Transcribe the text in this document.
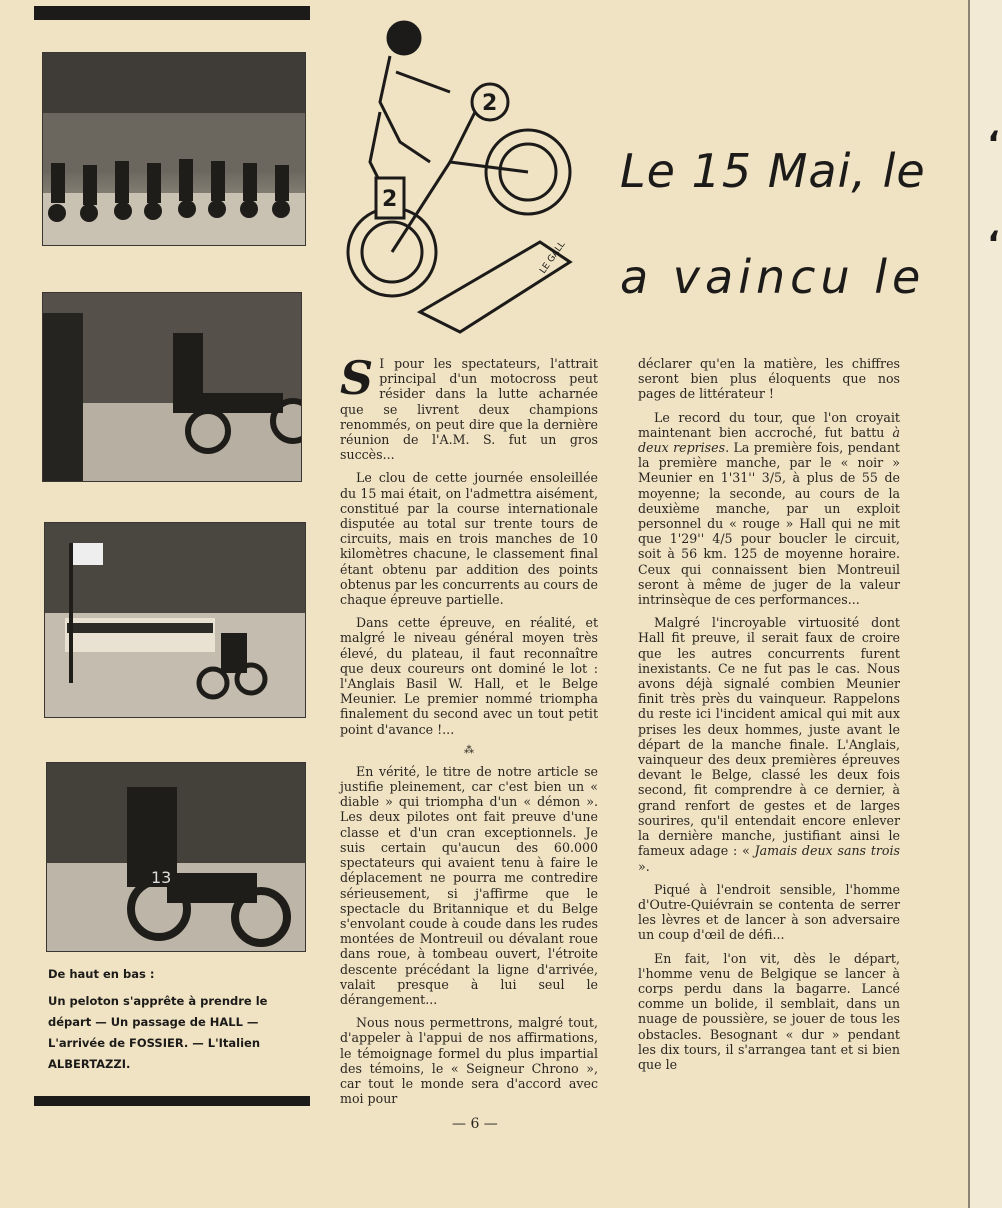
13
De haut en bas :
Un peloton s'apprête à prendre le départ — Un passage de HALL — L'arrivée de FOSSIER. — L'Italien ALBERTAZZI.
2
2
LE GALL
Le 15 Mai, le
a vaincu le

S I pour les spectateurs, l'attrait principal d'un motocross peut résider dans la lutte acharnée que se livrent deux champions renommés, on peut dire que la dernière réunion de l'A.M. S. fut un gros succès...

Le clou de cette journée ensoleillée du 15 mai était, on l'admettra aisément, constitué par la course internationale disputée au total sur trente tours de circuits, mais en trois manches de 10 kilomètres chacune, le classement final étant obtenu par addition des points obtenus par les concurrents au cours de chaque épreuve partielle.

Dans cette épreuve, en réalité, et malgré le niveau général moyen très élevé, du plateau, il faut reconnaître que deux coureurs ont dominé le lot : l'Anglais Basil W. Hall, et le Belge Meunier. Le premier nommé triompha finalement du second avec un tout petit point d'avance !...

⁂

En vérité, le titre de notre article se justifie pleinement, car c'est bien un « diable » qui triompha d'un « démon ». Les deux pilotes ont fait preuve d'une classe et d'un cran exceptionnels. Je suis certain qu'aucun des 60.000 spectateurs qui avaient tenu à faire le déplacement ne pourra me contredire sérieusement, si j'affirme que le spectacle du Britannique et du Belge s'envolant coude à coude dans les rudes montées de Montreuil ou dévalant roue dans roue, à tombeau ouvert, l'étroite descente précédant la ligne d'arrivée, valait presque à lui seul le dérangement...

Nous nous permettrons, malgré tout, d'appeler à l'appui de nos affirmations, le témoignage formel du plus impartial des témoins, le « Seigneur Chrono », car tout le monde sera d'accord avec moi pour

déclarer qu'en la matière, les chiffres seront bien plus éloquents que nos pages de littérateur !

Le record du tour, que l'on croyait maintenant bien accroché, fut battu à deux reprises. La première fois, pendant la première manche, par le « noir » Meunier en 1'31'' 3/5, à plus de 55 de moyenne; la seconde, au cours de la deuxième manche, par un exploit personnel du « rouge » Hall qui ne mit que 1'29'' 4/5 pour boucler le circuit, soit à 56 km. 125 de moyenne horaire. Ceux qui connaissent bien Montreuil seront à même de juger de la valeur intrinsèque de ces performances...

Malgré l'incroyable virtuosité dont Hall fit preuve, il serait faux de croire que les autres concurrents furent inexistants. Ce ne fut pas le cas. Nous avons déjà signalé combien Meunier finit très près du vainqueur. Rappelons du reste ici l'incident amical qui mit aux prises les deux hommes, juste avant le départ de la manche finale. L'Anglais, vainqueur des deux premières épreuves devant le Belge, classé les deux fois second, fit comprendre à ce dernier, à grand renfort de gestes et de larges sourires, qu'il entendait encore enlever la dernière manche, justifiant ainsi le fameux adage : « Jamais deux sans trois ».

Piqué à l'endroit sensible, l'homme d'Outre-Quiévrain se contenta de serrer les lèvres et de lancer à son adversaire un coup d'œil de défi...

En fait, l'on vit, dès le départ, l'homme venu de Belgique se lancer à corps perdu dans la bagarre. Lancé comme un bolide, il semblait, dans un nuage de poussière, se jouer de tous les obstacles. Besognant « dur » pendant les dix tours, il s'arrangea tant et si bien que le

— 6 —
‘
‘
